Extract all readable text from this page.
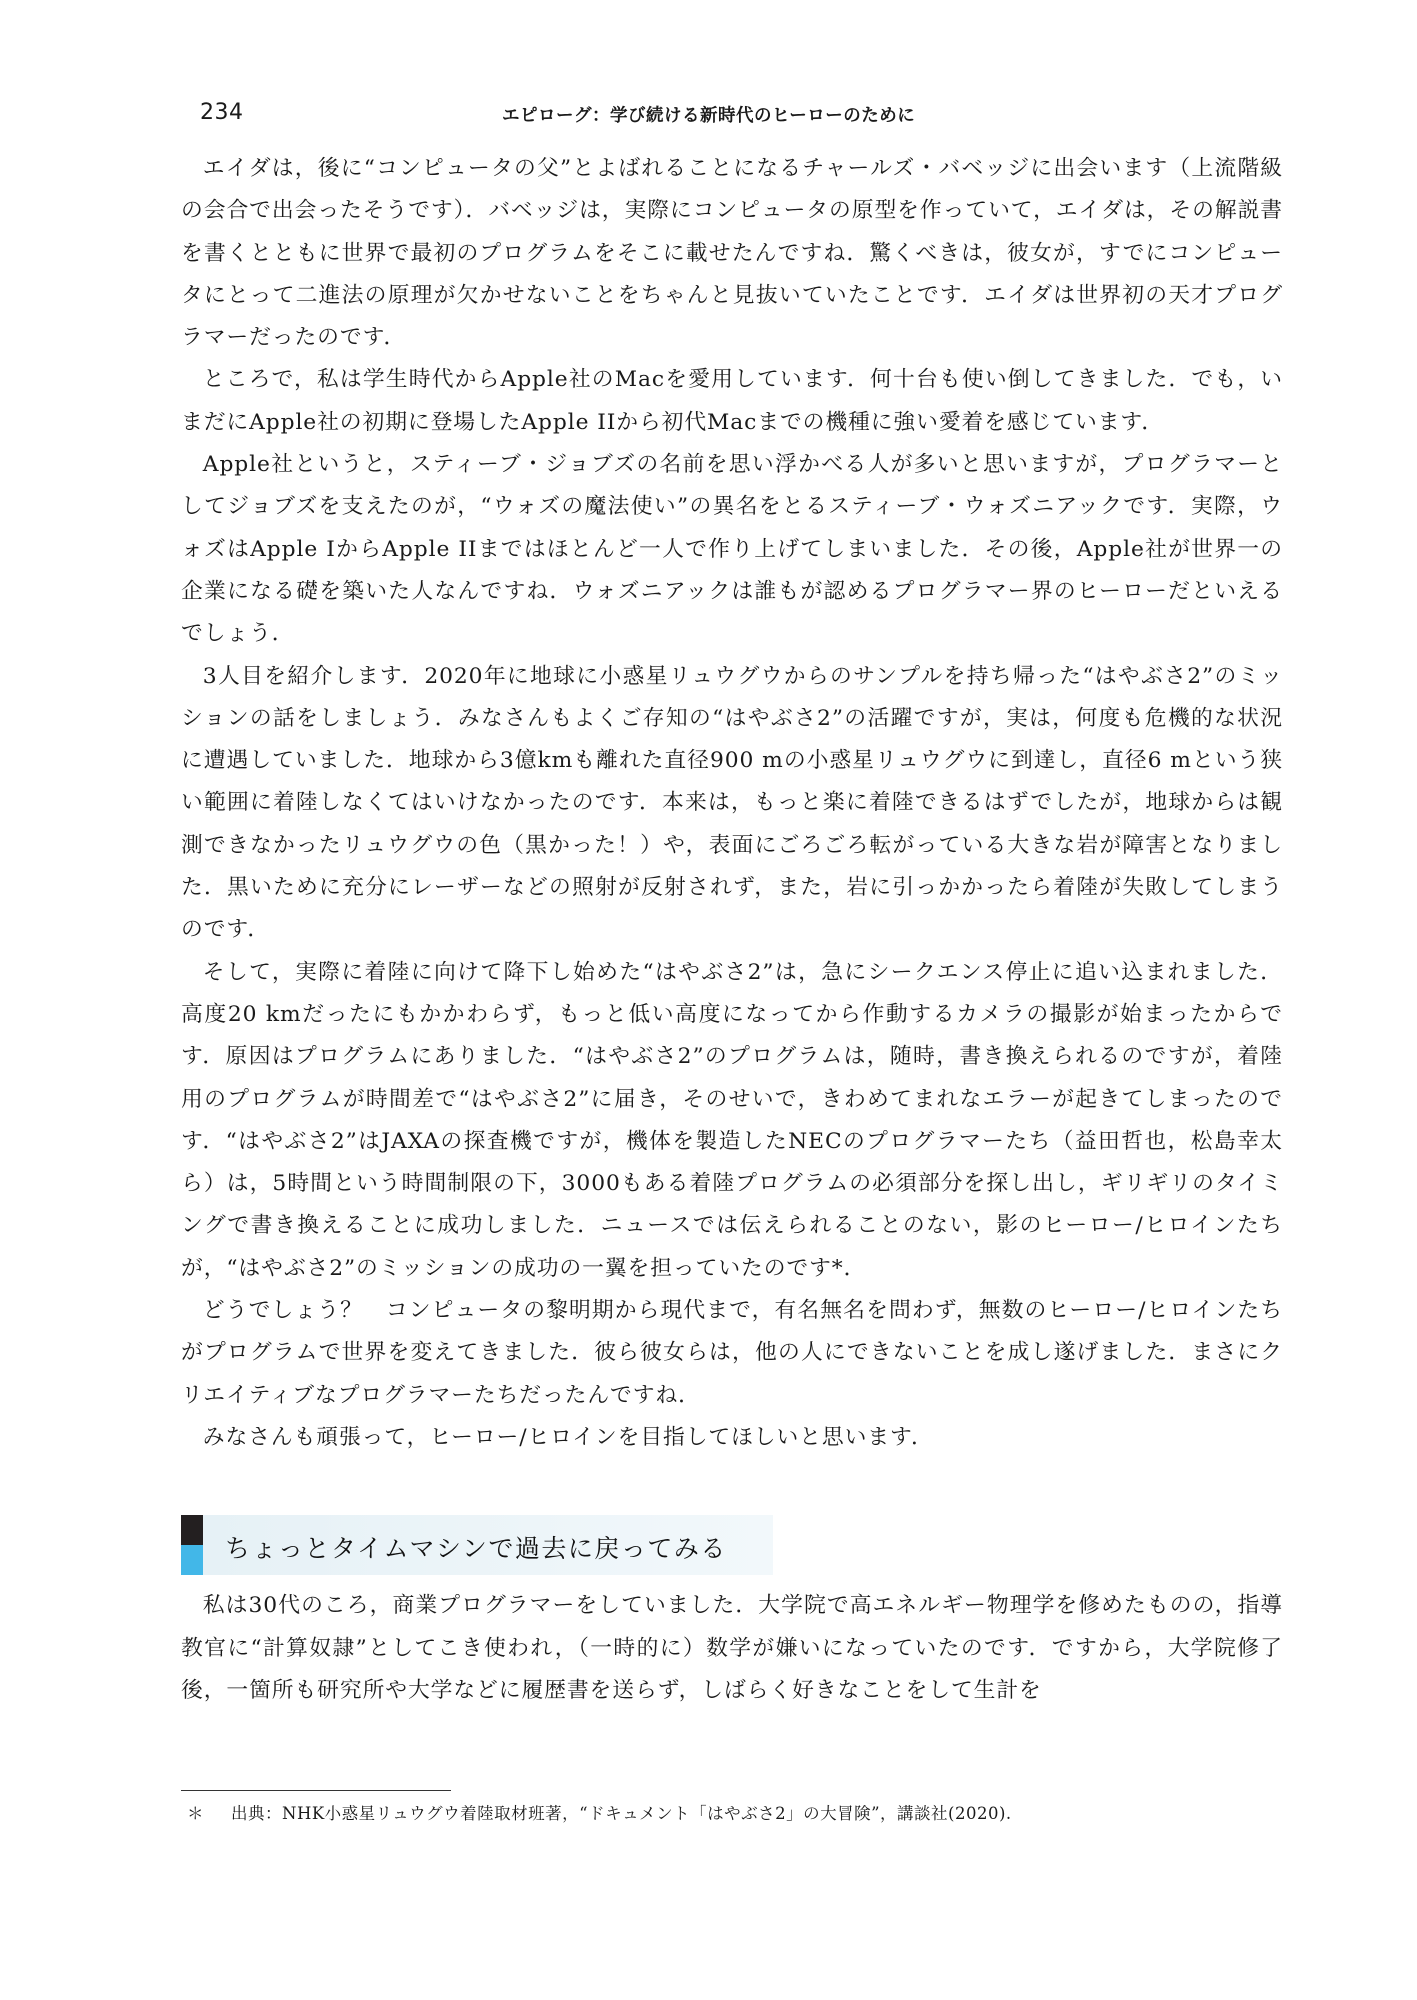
234	エピローグ：学び続ける新時代のヒーローのために

エイダは，後に“コンピュータの父”とよばれることになるチャールズ・バベッジに出会います（上流階級の会合で出会ったそうです）．バベッジは，実際にコンピュータの原型を作っていて，エイダは，その解説書を書くとともに世界で最初のプログラムをそこに載せたんですね．驚くべきは，彼女が，すでにコンピュータにとって二進法の原理が欠かせないことをちゃんと見抜いていたことです．エイダは世界初の天才プログラマーだったのです．

ところで，私は学生時代からApple社のMacを愛用しています．何十台も使い倒してきました．でも，いまだにApple社の初期に登場したApple IIから初代Macまでの機種に強い愛着を感じています．

Apple社というと，スティーブ・ジョブズの名前を思い浮かべる人が多いと思いますが，プログラマーとしてジョブズを支えたのが，“ウォズの魔法使い”の異名をとるスティーブ・ウォズニアックです．実際，ウォズはApple IからApple IIまではほとんど一人で作り上げてしまいました．その後，Apple社が世界一の企業になる礎を築いた人なんですね．ウォズニアックは誰もが認めるプログラマー界のヒーローだといえるでしょう．

3人目を紹介します．2020年に地球に小惑星リュウグウからのサンプルを持ち帰った“はやぶさ2”のミッションの話をしましょう．みなさんもよくご存知の“はやぶさ2”の活躍ですが，実は，何度も危機的な状況に遭遇していました．地球から3億kmも離れた直径900 mの小惑星リュウグウに到達し，直径6 mという狭い範囲に着陸しなくてはいけなかったのです．本来は，もっと楽に着陸できるはずでしたが，地球からは観測できなかったリュウグウの色（黒かった！）や，表面にごろごろ転がっている大きな岩が障害となりました．黒いために充分にレーザーなどの照射が反射されず，また，岩に引っかかったら着陸が失敗してしまうのです．

そして，実際に着陸に向けて降下し始めた“はやぶさ2”は，急にシークエンス停止に追い込まれました．高度20 kmだったにもかかわらず，もっと低い高度になってから作動するカメラの撮影が始まったからです．原因はプログラムにありました．“はやぶさ2”のプログラムは，随時，書き換えられるのですが，着陸用のプログラムが時間差で“はやぶさ2”に届き，そのせいで，きわめてまれなエラーが起きてしまったのです．“はやぶさ2”はJAXAの探査機ですが，機体を製造したNECのプログラマーたち（益田哲也，松島幸太ら）は，5時間という時間制限の下，3000もある着陸プログラムの必須部分を探し出し，ギリギリのタイミングで書き換えることに成功しました．ニュースでは伝えられることのない，影のヒーロー/ヒロインたちが，“はやぶさ2”のミッションの成功の一翼を担っていたのです*．

どうでしょう？　コンピュータの黎明期から現代まで，有名無名を問わず，無数のヒーロー/ヒロインたちがプログラムで世界を変えてきました．彼ら彼女らは，他の人にできないことを成し遂げました．まさにクリエイティブなプログラマーたちだったんですね．

みなさんも頑張って，ヒーロー/ヒロインを目指してほしいと思います．

ちょっとタイムマシンで過去に戻ってみる

私は30代のころ，商業プログラマーをしていました．大学院で高エネルギー物理学を修めたものの，指導教官に“計算奴隷”としてこき使われ，（一時的に）数学が嫌いになっていたのです．ですから，大学院修了後，一箇所も研究所や大学などに履歴書を送らず，しばらく好きなことをして生計を

＊ 出典：NHK小惑星リュウグウ着陸取材班著，“ドキュメント「はやぶさ2」の大冒険”，講談社(2020).
